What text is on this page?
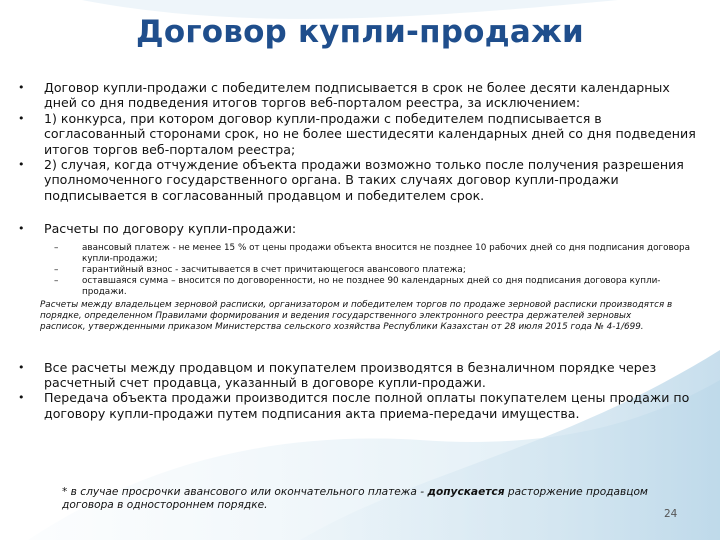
Договор купли-продажи
• Договор купли-продажи с победителем подписывается в срок не более десяти календарных дней со дня подведения итогов торгов веб-порталом реестра, за исключением:
• 1) конкурса, при котором договор купли-продажи с победителем подписывается в согласованный сторонами срок, но не более шестидесяти календарных дней со дня подведения итогов торгов веб-порталом реестра;
• 2) случая, когда отчуждение объекта продажи возможно только после получения разрешения уполномоченного государственного органа. В таких случаях договор купли-продажи подписывается в согласованный продавцом и победителем срок.
• Расчеты по договору купли-продажи:
–	авансовый платеж - не менее 15 % от цены продажи объекта вносится не позднее 10 рабочих дней со дня подписания договора купли-продажи;
–	гарантийный взнос - засчитывается в счет причитающегося авансового платежа;
–	оставшаяся сумма – вносится по договоренности, но не позднее 90 календарных дней со дня подписания договора купли-продажи.
Расчеты между владельцем зерновой расписки, организатором и победителем торгов по продаже зерновой расписки производятся в порядке, определенном Правилами формирования и ведения государственного электронного реестра держателей зерновых расписок, утвержденными приказом Министерства сельского хозяйства Республики Казахстан от 28 июля 2015 года № 4-1/699.
• Все расчеты между продавцом и покупателем производятся в безналичном порядке через расчетный счет продавца, указанный в договоре купли-продажи.
• Передача объекта продажи производится после полной оплаты покупателем цены продажи по договору купли-продажи путем подписания акта приема-передачи имущества.
* в случае просрочки авансового или окончательного платежа - допускается расторжение продавцом договора в одностороннем порядке.
24
